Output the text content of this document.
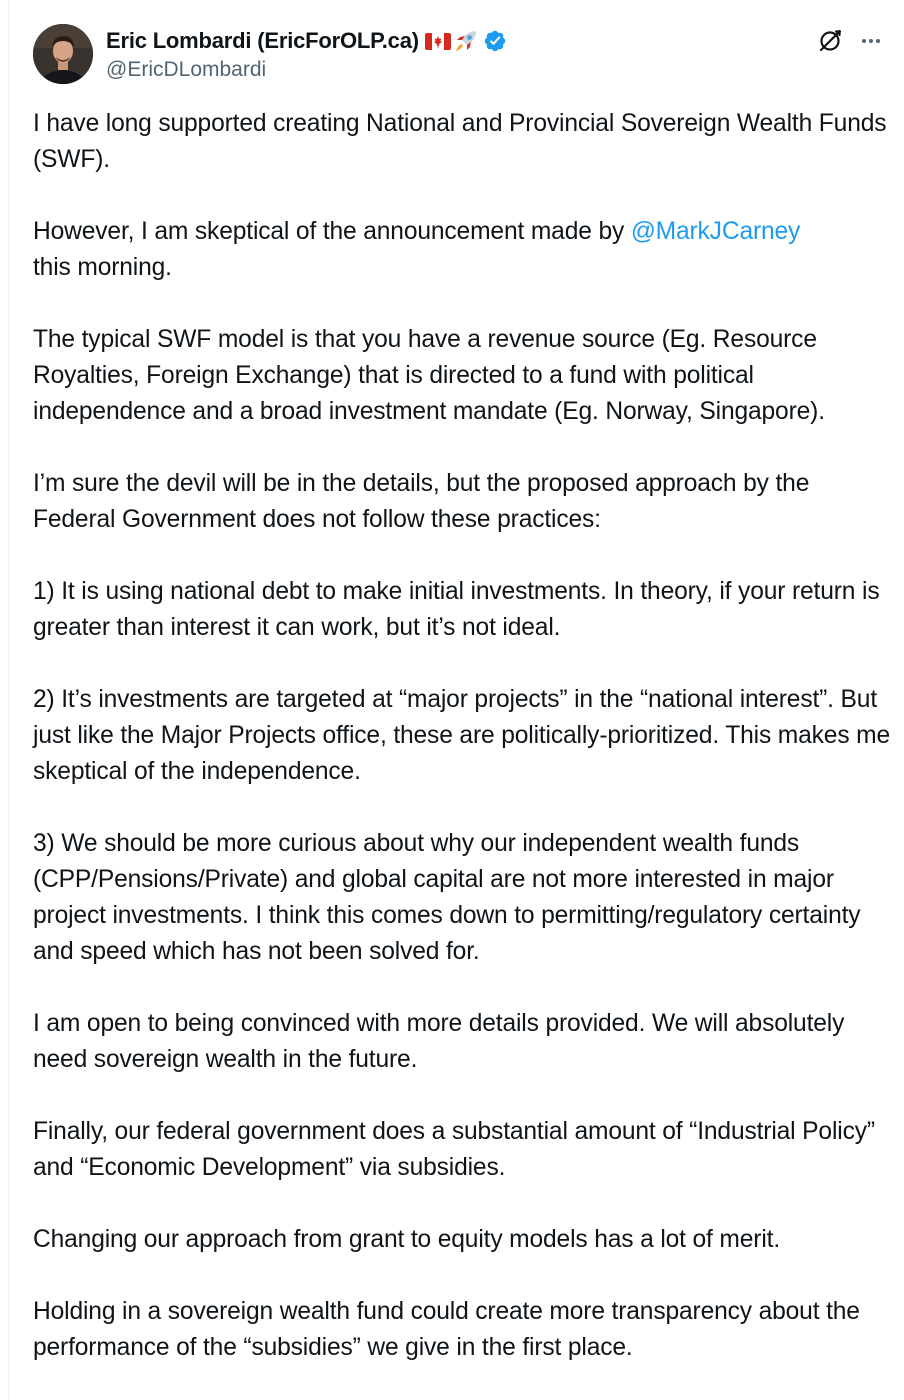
Eric Lombardi (EricForOLP.ca)
@EricDLombardi

I have long supported creating National and Provincial Sovereign Wealth Funds (SWF).

However, I am skeptical of the announcement made by @MarkJCarney
this morning.

The typical SWF model is that you have a revenue source (Eg. Resource Royalties, Foreign Exchange) that is directed to a fund with political independence and a broad investment mandate (Eg. Norway, Singapore).

I’m sure the devil will be in the details, but the proposed approach by the Federal Government does not follow these practices:

1) It is using national debt to make initial investments. In theory, if your return is greater than interest it can work, but it’s not ideal.

2) It’s investments are targeted at “major projects” in the “national interest”. But just like the Major Projects office, these are politically-prioritized. This makes me skeptical of the independence.

3) We should be more curious about why our independent wealth funds (CPP/Pensions/Private) and global capital are not more interested in major project investments. I think this comes down to permitting/regulatory certainty and speed which has not been solved for.

I am open to being convinced with more details provided. We will absolutely need sovereign wealth in the future.

Finally, our federal government does a substantial amount of “Industrial Policy” and “Economic Development” via subsidies.

Changing our approach from grant to equity models has a lot of merit.

Holding in a sovereign wealth fund could create more transparency about the performance of the “subsidies” we give in the first place.
